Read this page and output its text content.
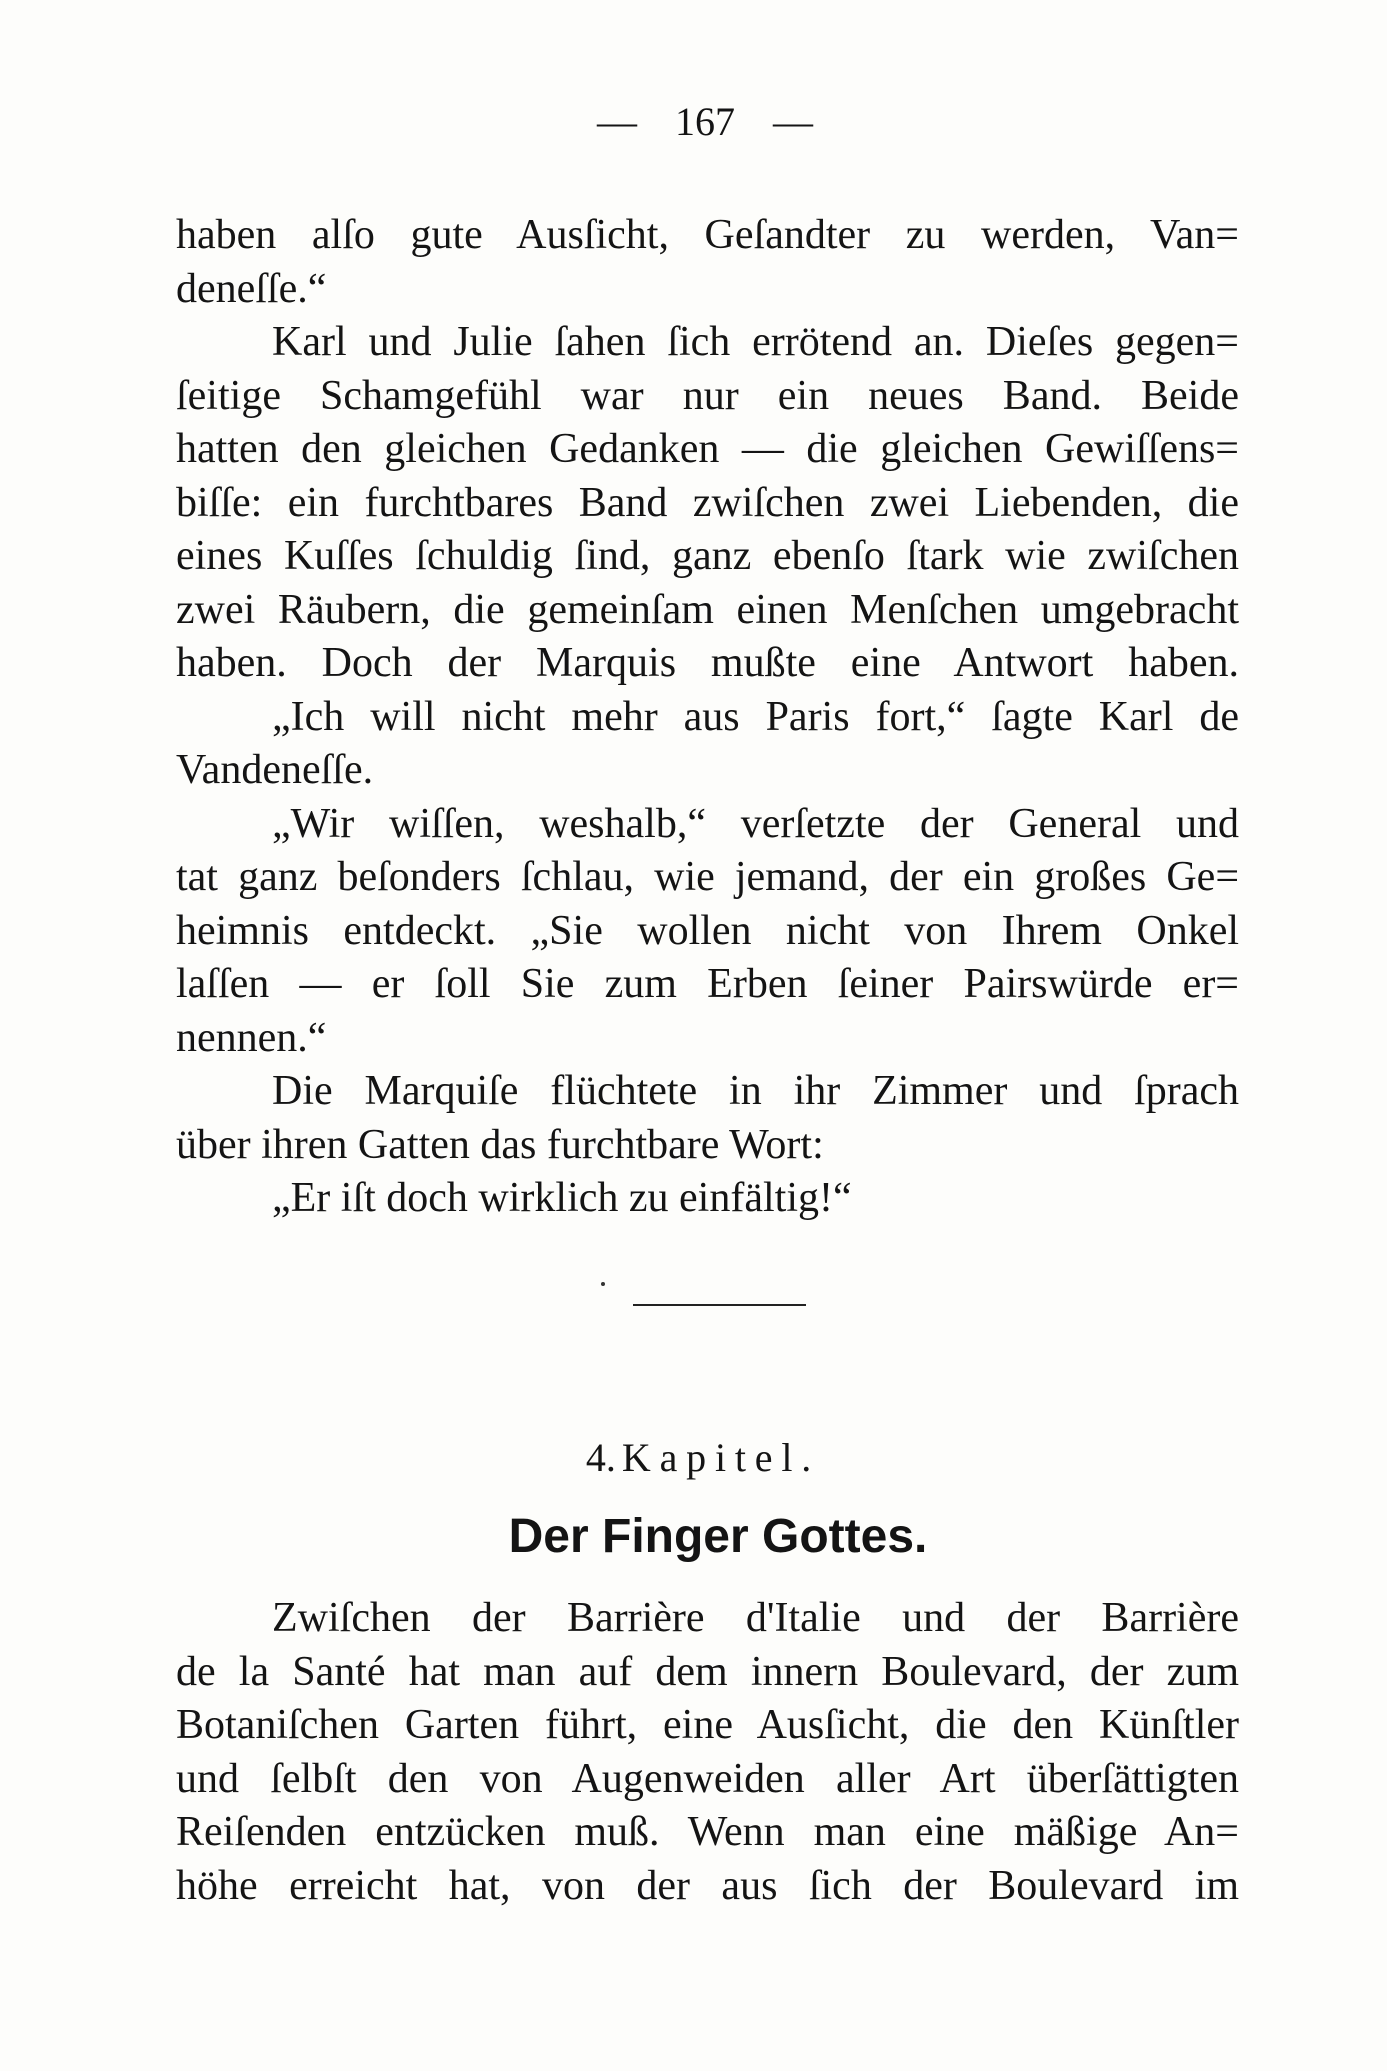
— 167 —
haben alſo gute Ausſicht, Geſandter zu werden, Van=
deneſſe.“
Karl und Julie ſahen ſich errötend an. Dieſes gegen=
ſeitige Schamgefühl war nur ein neues Band. Beide
hatten den gleichen Gedanken — die gleichen Gewiſſens=
biſſe: ein furchtbares Band zwiſchen zwei Liebenden, die
eines Kuſſes ſchuldig ſind, ganz ebenſo ſtark wie zwiſchen
zwei Räubern, die gemeinſam einen Menſchen umgebracht
haben. Doch der Marquis mußte eine Antwort haben.
„Ich will nicht mehr aus Paris fort,“ ſagte Karl de
Vandeneſſe.
„Wir wiſſen, weshalb,“ verſetzte der General und
tat ganz beſonders ſchlau, wie jemand, der ein großes Ge=
heimnis entdeckt. „Sie wollen nicht von Ihrem Onkel
laſſen — er ſoll Sie zum Erben ſeiner Pairswürde er=
nennen.“
Die Marquiſe flüchtete in ihr Zimmer und ſprach
über ihren Gatten das furchtbare Wort:
„Er iſt doch wirklich zu einfältig!“
4. Kapitel.
Der Finger Gottes.
Zwiſchen der Barrière d'Italie und der Barrière
de la Santé hat man auf dem innern Boulevard, der zum
Botaniſchen Garten führt, eine Ausſicht, die den Künſtler
und ſelbſt den von Augenweiden aller Art überſättigten
Reiſenden entzücken muß. Wenn man eine mäßige An=
höhe erreicht hat, von der aus ſich der Boulevard im
